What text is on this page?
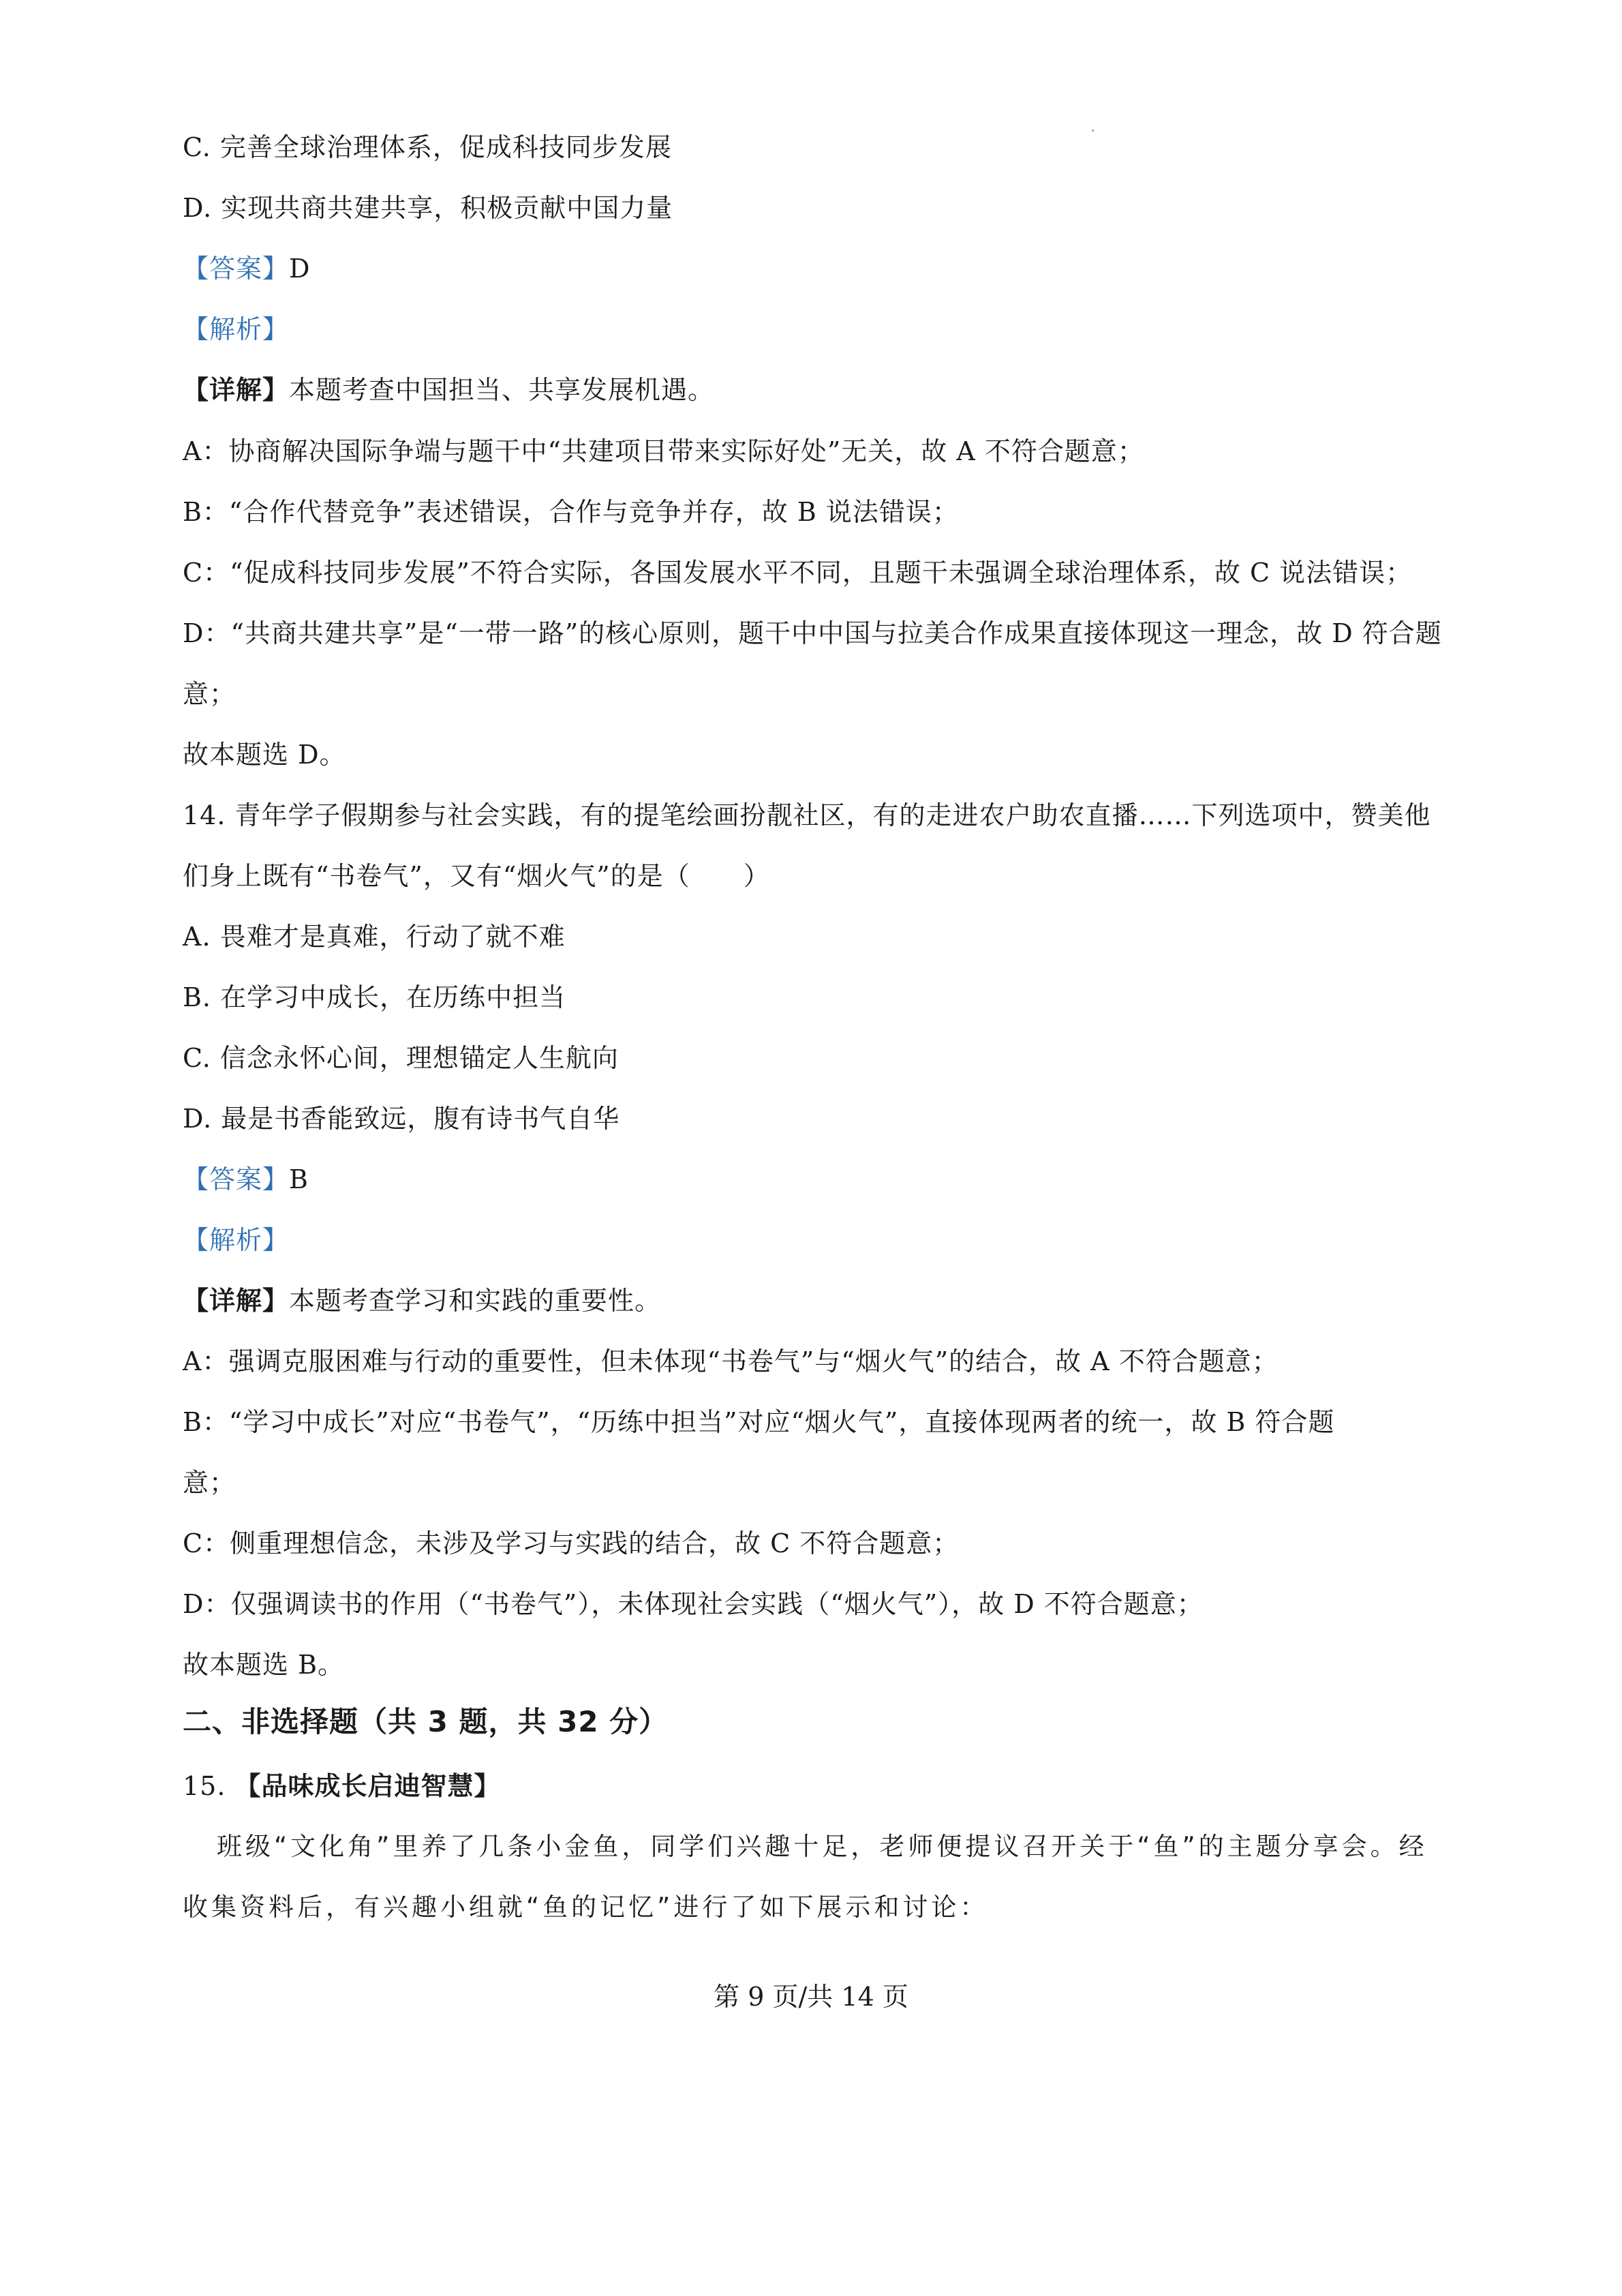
C. 完善全球治理体系，促成科技同步发展
D. 实现共商共建共享，积极贡献中国力量
【答案】D
【解析】
【详解】本题考查中国担当、共享发展机遇。
A：协商解决国际争端与题干中“共建项目带来实际好处”无关，故 A 不符合题意；
B：“合作代替竞争”表述错误，合作与竞争并存，故 B 说法错误；
C：“促成科技同步发展”不符合实际，各国发展水平不同，且题干未强调全球治理体系，故 C 说法错误；
D：“共商共建共享”是“一带一路”的核心原则，题干中中国与拉美合作成果直接体现这一理念，故 D 符合题
意；
故本题选 D。
14. 青年学子假期参与社会实践，有的提笔绘画扮靓社区，有的走进农户助农直播……下列选项中，赞美他
们身上既有“书卷气”，又有“烟火气”的是（　　）
A. 畏难才是真难，行动了就不难
B. 在学习中成长，在历练中担当
C. 信念永怀心间，理想锚定人生航向
D. 最是书香能致远，腹有诗书气自华
【答案】B
【解析】
【详解】本题考查学习和实践的重要性。
A：强调克服困难与行动的重要性，但未体现“书卷气”与“烟火气”的结合，故 A 不符合题意；
B：“学习中成长”对应“书卷气”，“历练中担当”对应“烟火气”，直接体现两者的统一，故 B 符合题
意；
C：侧重理想信念，未涉及学习与实践的结合，故 C 不符合题意；
D：仅强调读书的作用（“书卷气”），未体现社会实践（“烟火气”），故 D 不符合题意；
故本题选 B。
二、非选择题（共 3 题，共 32 分）
15. 【品味成长启迪智慧】
班级“文化角”里养了几条小金鱼，同学们兴趣十足，老师便提议召开关于“鱼”的主题分享会。经
收集资料后，有兴趣小组就“鱼的记忆”进行了如下展示和讨论：
第 9 页/共 14 页
